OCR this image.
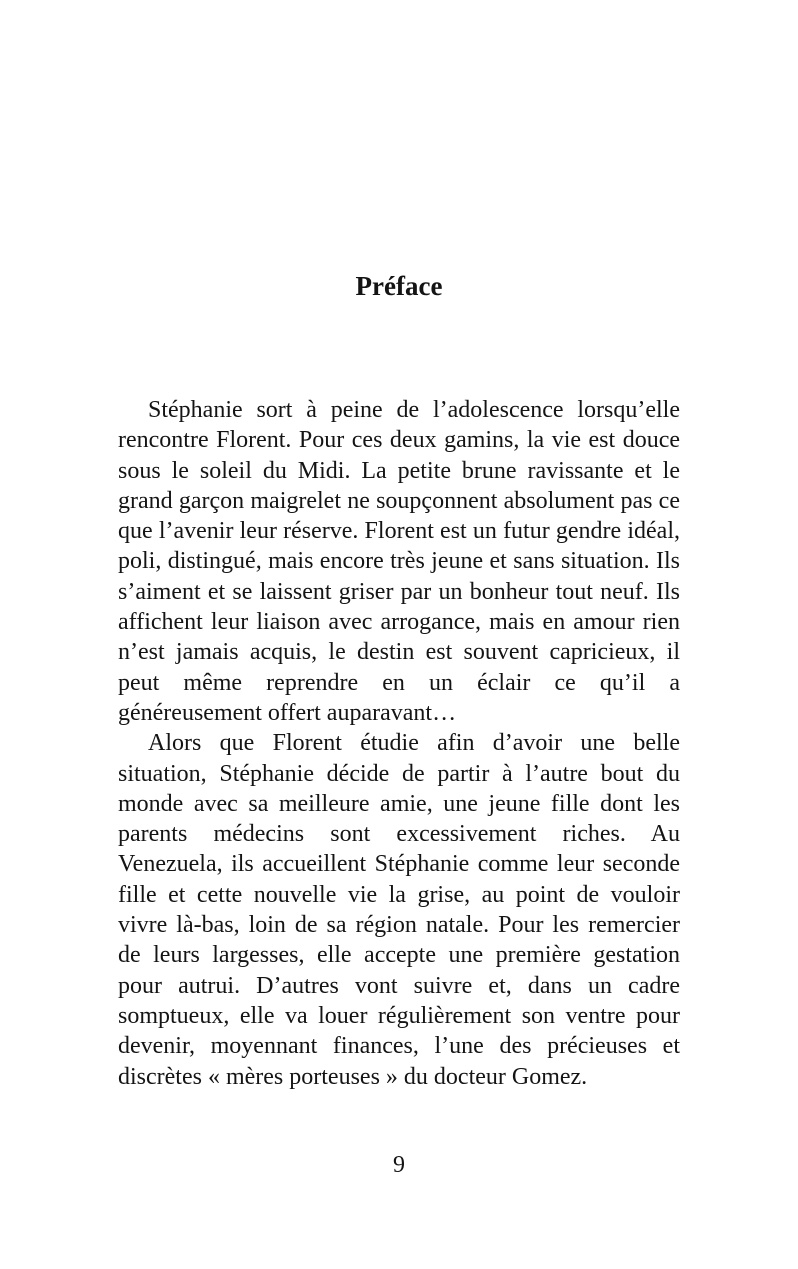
Préface

Stéphanie sort à peine de l’adolescence lorsqu’elle rencontre Florent. Pour ces deux gamins, la vie est douce sous le soleil du Midi. La petite brune ravissante et le grand garçon maigrelet ne soupçonnent absolument pas ce que l’avenir leur réserve. Florent est un futur gendre idéal, poli, distingué, mais encore très jeune et sans situation. Ils s’aiment et se laissent griser par un bonheur tout neuf. Ils affichent leur liaison avec arrogance, mais en amour rien n’est jamais acquis, le destin est souvent capricieux, il peut même reprendre en un éclair ce qu’il a généreusement offert auparavant…

Alors que Florent étudie afin d’avoir une belle situation, Stéphanie décide de partir à l’autre bout du monde avec sa meilleure amie, une jeune fille dont les parents médecins sont excessivement riches. Au Venezuela, ils accueillent Stéphanie comme leur seconde fille et cette nouvelle vie la grise, au point de vouloir vivre là-bas, loin de sa région natale. Pour les remercier de leurs largesses, elle accepte une première gestation pour autrui. D’autres vont suivre et, dans un cadre somptueux, elle va louer régulièrement son ventre pour devenir, moyennant finances, l’une des précieuses et discrètes « mères porteuses » du docteur Gomez.

9
